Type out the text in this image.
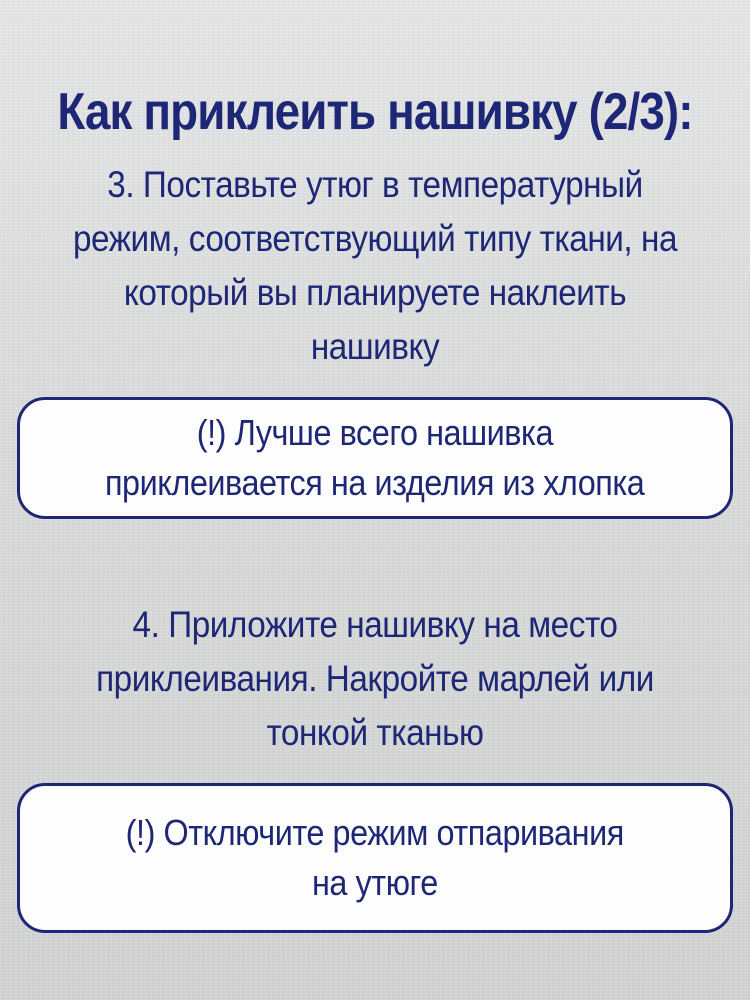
Как приклеить нашивку (2/3):
3. Поставьте утюг в температурный
режим, соответствующий типу ткани, на
который вы планируете наклеить
нашивку
(!) Лучше всего нашивка
приклеивается на изделия из хлопка
4. Приложите нашивку на место
приклеивания. Накройте марлей или
тонкой тканью
(!) Отключите режим отпаривания
на утюге
